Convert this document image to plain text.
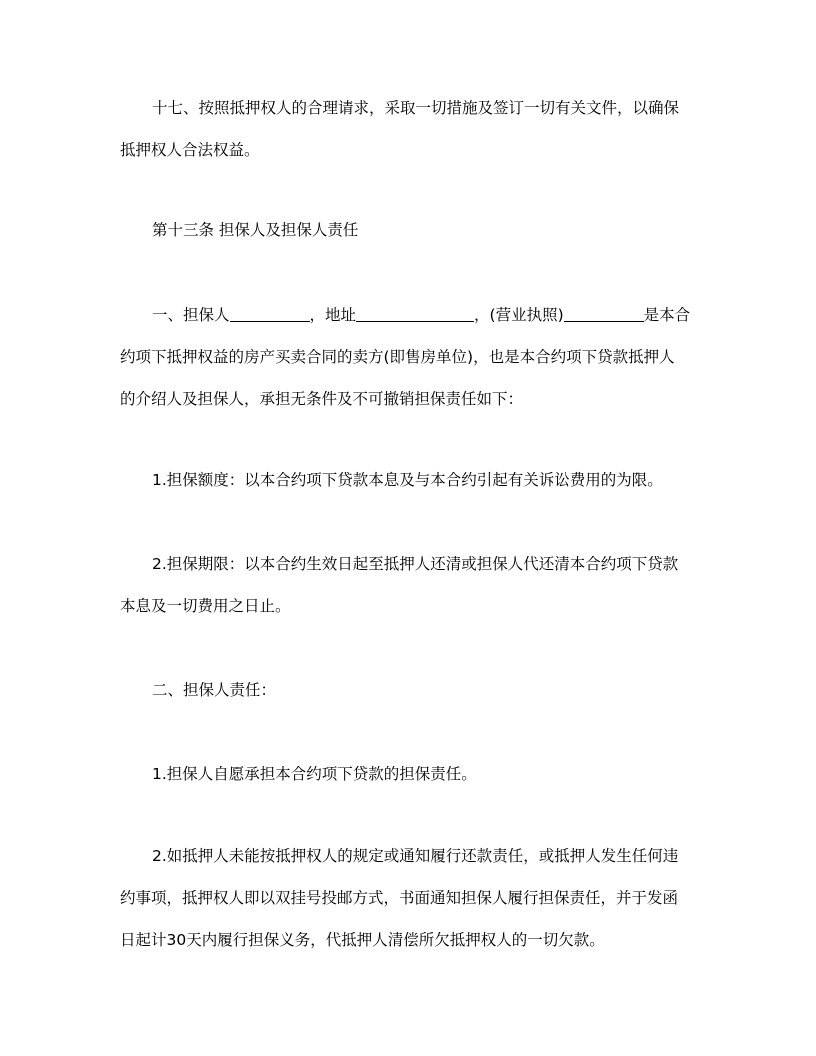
十七、按照抵押权人的合理请求，采取一切措施及签订一切有关文件，以确保
抵押权人合法权益。
第十三条 担保人及担保人责任
一、担保人	，地址	，(营业执照)	是本合
约项下抵押权益的房产买卖合同的卖方(即售房单位)，也是本合约项下贷款抵押人
的介绍人及担保人，承担无条件及不可撤销担保责任如下：
1.担保额度：以本合约项下贷款本息及与本合约引起有关诉讼费用的为限。
2.担保期限：以本合约生效日起至抵押人还清或担保人代还清本合约项下贷款
本息及一切费用之日止。
二、担保人责任：
1.担保人自愿承担本合约项下贷款的担保责任。
2.如抵押人未能按抵押权人的规定或通知履行还款责任，或抵押人发生任何违
约事项，抵押权人即以双挂号投邮方式，书面通知担保人履行担保责任，并于发函
日起计30天内履行担保义务，代抵押人清偿所欠抵押权人的一切欠款。
